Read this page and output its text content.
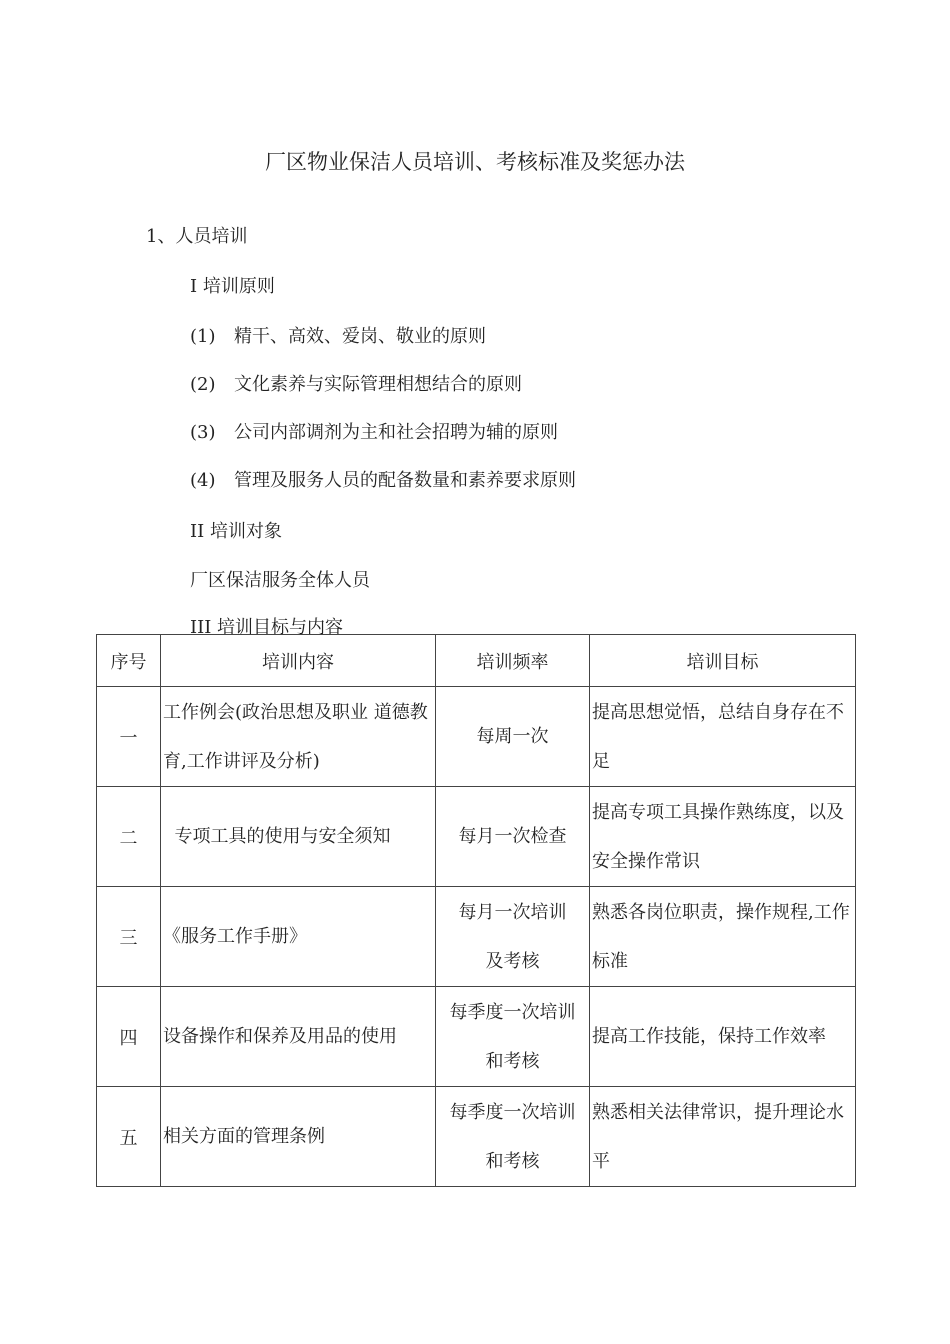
厂区物业保洁人员培训、考核标准及奖惩办法
1、人员培训
I 培训原则
(1) 精干、高效、爱岗、敬业的原则
(2) 文化素养与实际管理相想结合的原则
(3) 公司内部调剂为主和社会招聘为辅的原则
(4) 管理及服务人员的配备数量和素养要求原则
II 培训对象
厂区保洁服务全体人员
III 培训目标与内容
序号	培训内容	培训频率	培训目标
一	工作例会(政治思想及职业 道德教育,工作讲评及分析)	每周一次	提高思想觉悟，总结自身存在不足
二	专项工具的使用与安全须知	每月一次检查	提高专项工具操作熟练度，以及安全操作常识
三	《服务工作手册》	每月一次培训及考核	熟悉各岗位职责，操作规程,工作标准
四	设备操作和保养及用品的使用	每季度一次培训和考核	提高工作技能，保持工作效率
五	相关方面的管理条例	每季度一次培训和考核	熟悉相关法律常识，提升理论水平
